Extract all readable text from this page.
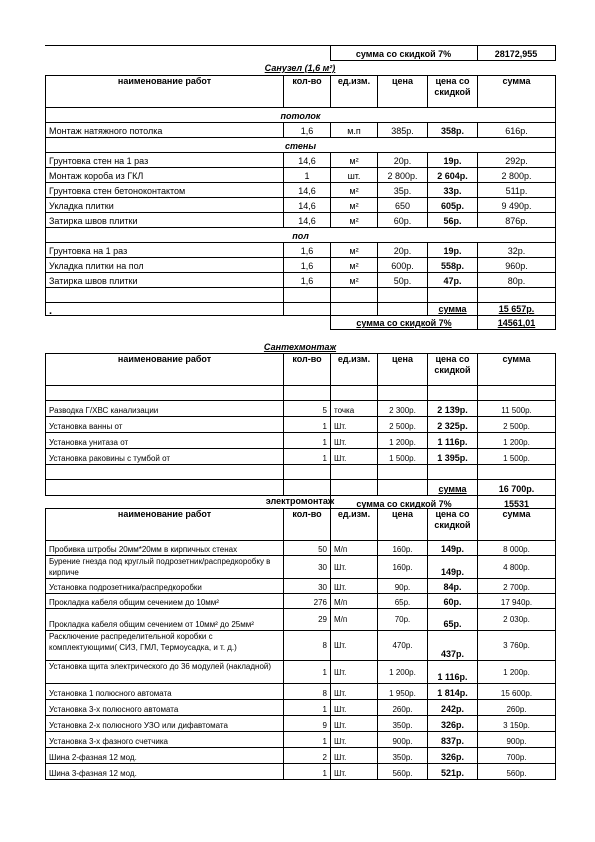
		сумма со скидкой 7%	28172,955
Санузел (1,6 м²)
наименование работ	кол-во	ед.изм.	цена	цена со скидкой	сумма
потолок					
Монтаж натяжного потолка	1,6	м.п	385р.	358р.	616р.
стены					
Грунтовка стен на 1 раз	14,6	м²	20р.	19р.	292р.
Монтаж короба из ГКЛ	1	шт.	2 800р.	2 604р.	2 800р.
Грунтовка стен бетоноконтактом	14,6	м²	35р.	33р.	511р.
Укладка плитки	14,6	м²	650	605р.	9 490р.
Затирка швов плитки	14,6	м²	60р.	56р.	876р.
пол					
Грунтовка на 1 раз	1,6	м²	20р.	19р.	32р.
Укладка плитки на пол	1,6	м²	600р.	558р.	960р.
Затирка швов плитки	1,6	м²	50р.	47р.	80р.

.				сумма	15 657р.
		сумма со скидкой 7%			14561,01
Сантехмонтаж
наименование работ	кол-во	ед.изм.	цена	цена со скидкой	сумма

Разводка Г/ХВС канализации	5	точка	2 300р.	2 139р.	11 500р.
Установка ванны от	1	Шт.	2 500р.	2 325р.	2 500р.
Установка унитаза от	1	Шт.	1 200р.	1 116р.	1 200р.
Установка раковины с тумбой от	1	Шт.	1 500р.	1 395р.	1 500р.

				сумма	16 700р.
		сумма со скидкой 7%			15531
электромонтаж
наименование работ	кол-во	ед.изм.	цена	цена со скидкой	сумма
Пробивка штробы 20мм*20мм в кирпичных стенах	50	М/п	160р.	149р.	8 000р.
Бурение гнезда под круглый подрозетник/распредкоробку в кирпиче	30	Шт.	160р.	149р.	4 800р.
Установка подрозетника/распредкоробки	30	Шт.	90р.	84р.	2 700р.
Прокладка кабеля общим сечением до 10мм²	276	М/п	65р.	60р.	17 940р.
Прокладка кабеля общим сечением от 10мм² до 25мм²	29	М/п	70р.	65р.	2 030р.
Расключение распределительной коробки с комплектующими( СИЗ, ГМЛ, Термоусадка, и т. д.)	8	Шт.	470р.	437р.	3 760р.
Установка щита электрического до 36 модулей (накладной)	1	Шт.	1 200р.	1 116р.	1 200р.
Установка 1 полюсного автомата	8	Шт.	1 950р.	1 814р.	15 600р.
Установка 3-х полюсного автомата	1	Шт.	260р.	242р.	260р.
Установка 2-х полюсного УЗО или дифавтомата	9	Шт.	350р.	326р.	3 150р.
Установка 3-х фазного счетчика	1	Шт.	900р.	837р.	900р.
Шина 2-фазная 12 мод.	2	Шт.	350р.	326р.	700р.
Шина 3-фазная 12 мод.	1	Шт.	560р.	521р.	560р.
